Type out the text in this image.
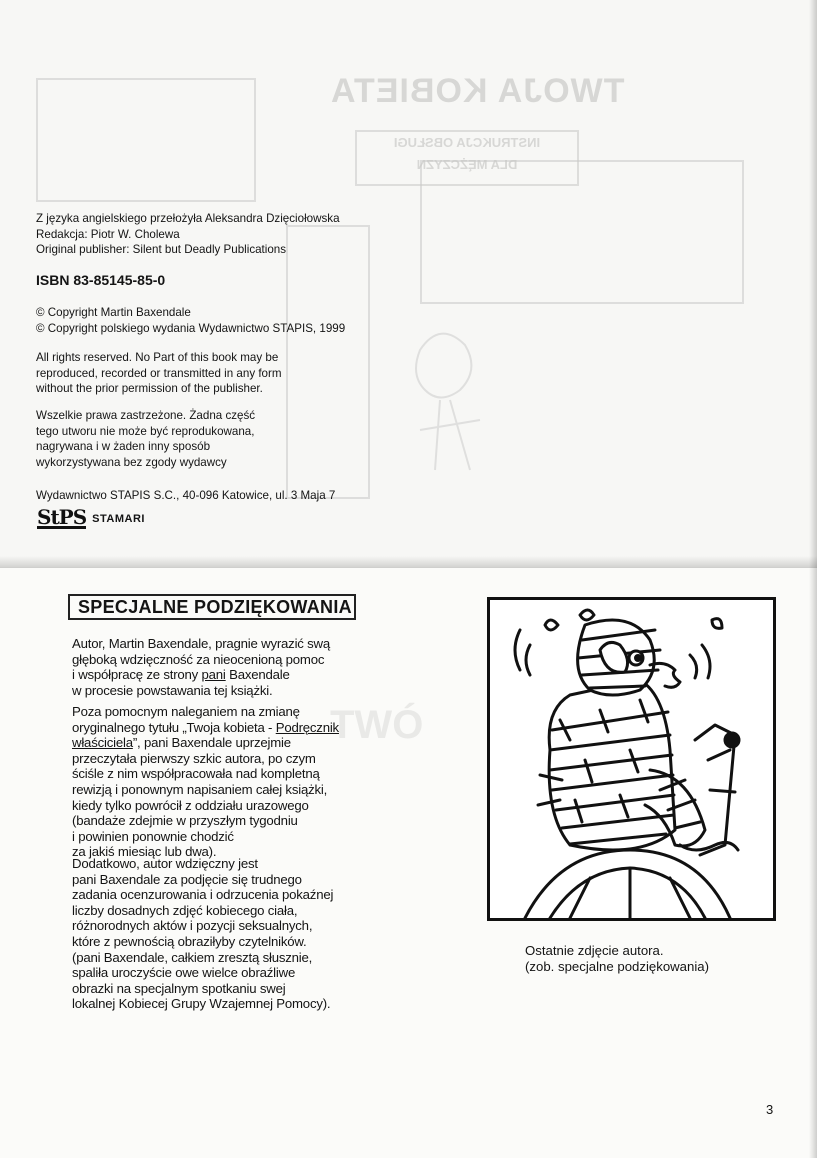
TWOJA KOBIETA
INSTRUKCJA OBSŁUGI
DLA MĘŻCZYZN

Z języka angielskiego przełożyła Aleksandra Dzięciołowska

Redakcja: Piotr W. Cholewa

Original publisher: Silent but Deadly Publications

ISBN 83-85145-85-0

© Copyright Martin Baxendale

© Copyright polskiego wydania Wydawnictwo STAPIS, 1999

All rights reserved. No Part of this book may be

reproduced, recorded or transmitted in any form

without the prior permission of the publisher.

Wszelkie prawa zastrzeżone. Żadna część

tego utworu nie może być reprodukowana,

nagrywana i w żaden inny sposób

wykorzystywana bez zgody wydawcy

Wydawnictwo STAPIS S.C., 40-096 Katowice, ul. 3 Maja 7
StPS STAMARI
TWÓ
SPECJALNE PODZIĘKOWANIA

Autor, Martin Baxendale, pragnie wyrazić swą

głęboką wdzięczność za nieocenioną pomoc

i współpracę ze strony pani Baxendale

w procesie powstawania tej książki.

Poza pomocnym naleganiem na zmianę

oryginalnego tytułu „Twoja kobieta - Podręcznik

właściciela”, pani Baxendale uprzejmie

przeczytała pierwszy szkic autora, po czym

ściśle z nim współpracowała nad kompletną

rewizją i ponownym napisaniem całej książki,

kiedy tylko powrócił z oddziału urazowego

(bandaże zdejmie w przyszłym tygodniu

i powinien ponownie chodzić

za jakiś miesiąc lub dwa).

Dodatkowo, autor wdzięczny jest

pani Baxendale za podjęcie się trudnego

zadania ocenzurowania i odrzucenia pokaźnej

liczby dosadnych zdjęć kobiecego ciała,

różnorodnych aktów i pozycji seksualnych,

które z pewnością obraziłyby czytelników.

(pani Baxendale, całkiem zresztą słusznie,

spaliła uroczyście owe wielce obraźliwe

obrazki na specjalnym spotkaniu swej

lokalnej Kobiecej Grupy Wzajemnej Pomocy).

Ostatnie zdjęcie autora.

(zob. specjalne podziękowania)

3
